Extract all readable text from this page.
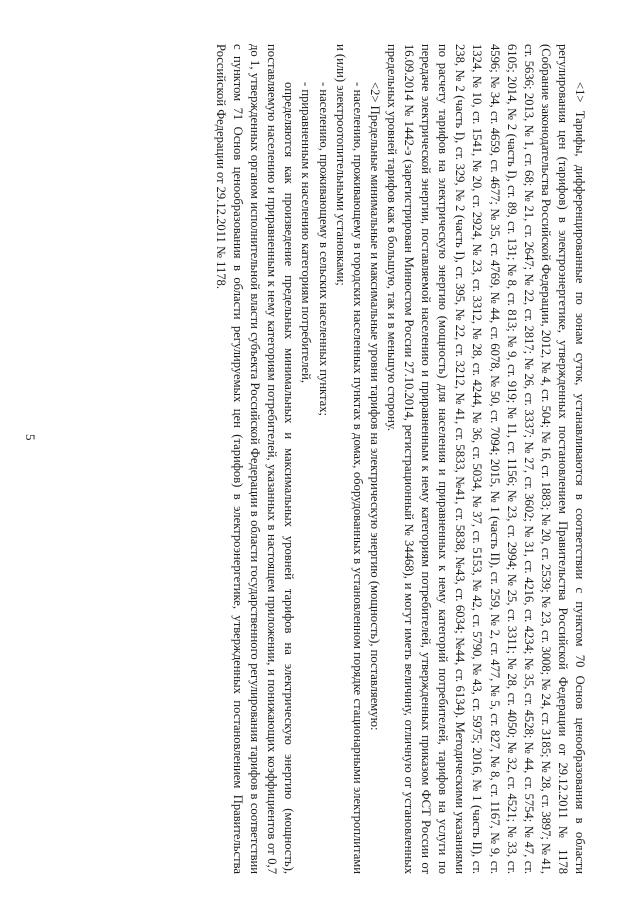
5

<1> Тарифы, дифференцированные по зонам суток, устанавливаются в соответствии с пунктом 70 Основ ценообразования в области регулирования цен (тарифов) в электроэнергетике, утвержденных постановлением Правительства Российской Федерации от 29.12.2011 № 1178 (Собрание законодательства Российской Федерации, 2012, № 4, ст. 504; № 16, ст. 1883; № 20, ст. 2539; № 23, ст. 3008; № 24, ст. 3185; № 28, ст. 3897; № 41, ст. 5636; 2013, № 1, ст. 68; № 21, ст. 2647; № 22, ст. 2817; № 26, ст. 3337; № 27, ст. 3602; № 31, ст. 4216, ст. 4234; № 35, ст. 4528; № 44, ст. 5754; № 47, ст. 6105; 2014, № 2 (часть I), ст. 89, ст. 131; № 8, ст. 813; № 9, ст. 919; № 11, ст. 1156; № 23, ст. 2994; № 25, ст. 3311; № 28, ст. 4050; № 32, ст. 4521; № 33, ст. 4596; № 34, ст. 4659, ст. 4677; № 35, ст. 4769, № 44, ст. 6078, № 50, ст. 7094; 2015, № 1 (часть II), ст. 259, № 2, ст. 477, № 5, ст. 827, № 8, ст. 1167, № 9, ст. 1324, № 10, ст. 1541, № 20, ст. 2924, № 23, ст. 3312, № 28, ст. 4244, № 36, ст. 5034, № 37, ст. 5153, № 42, ст. 5790, № 43, ст. 5975; 2016, № 1 (часть II), ст. 238, № 2 (часть I), ст. 329, № 2 (часть I), ст. 395, № 22, ст. 3212, № 41, ст. 5833, №41, ст. 5838, №43, ст. 6034; №44, ст. 6134). Методическими указаниями по расчету тарифов на электрическую энергию (мощность) для населения и приравненных к нему категорий потребителей, тарифов на услуги по передаче электрической энергии, поставляемой населению и приравненным к нему категориям потребителей, утвержденных приказом ФСТ России от 16.09.2014 № 1442-э (зарегистрирован Минюстом России 27.10.2014, регистрационный № 34468), и могут иметь величину, отличную от установленных предельных уровней тарифов как в большую, так и в меньшую сторону.

<2> Предельные минимальные и максимальные уровни тарифов на электрическую энергию (мощность), поставляемую:

- населению, проживающему в городских населенных пунктах в домах, оборудованных в установленном порядке стационарными электроплитами и (или) электроотопительными установками;

- населению, проживающему в сельских населенных пунктах;

- приравненным к населению категориям потребителей,

определяются как произведение предельных минимальных и максимальных уровней тарифов на электрическую энергию (мощность), поставляемую населению и приравненным к нему категориям потребителей, указанных в настоящем приложении, и понижающих коэффициентов от 0,7 до 1, утвержденных органом исполнительной власти субъекта Российской Федерации в области государственного регулирования тарифов в соответствии с пунктом 71 Основ ценообразования в области регулируемых цен (тарифов) в электроэнергетике, утвержденных постановлением Правительства Российской Федерации от 29.12.2011 № 1178.
